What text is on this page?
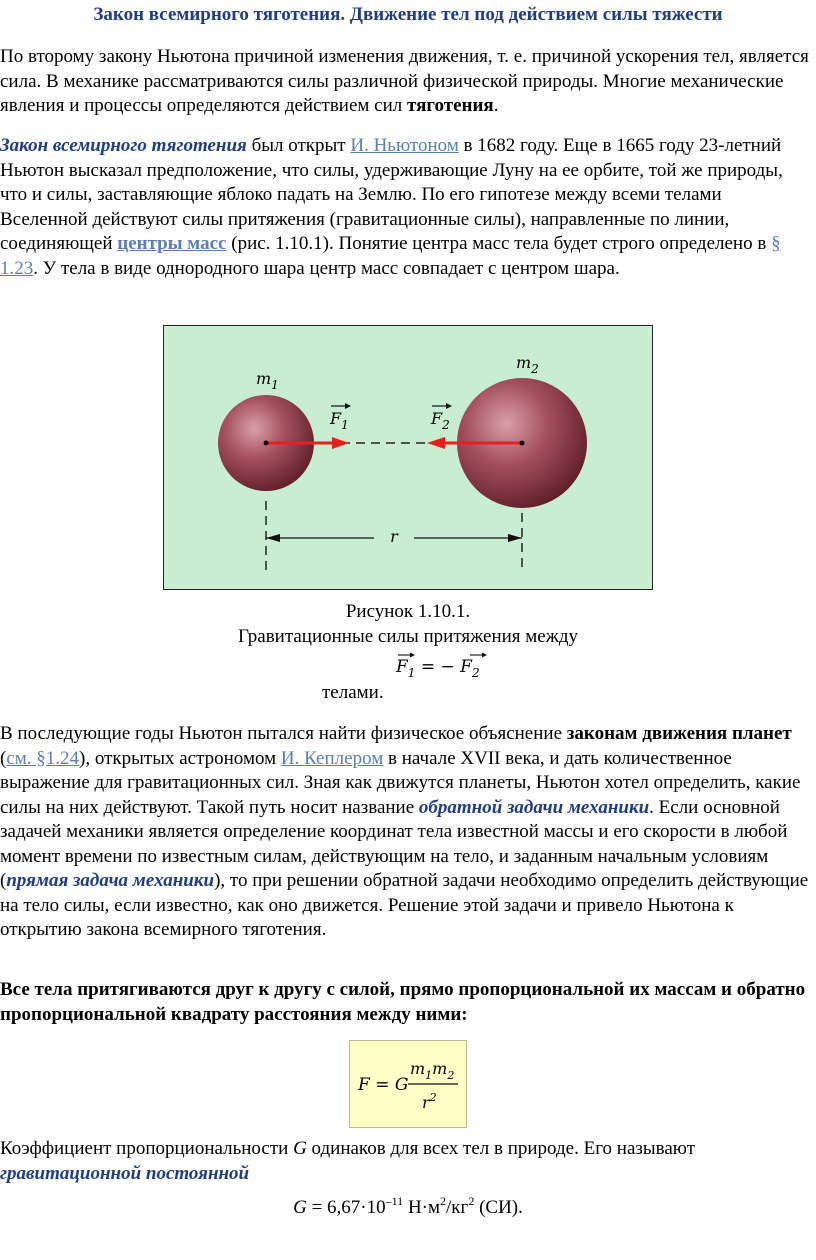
Закон всемирного тяготения. Движение тел под действием силы тяжести

По второму закону Ньютона причиной изменения движения, т. е. причиной ускорения тел, является сила. В механике рассматриваются силы различной физической природы. Многие механические явления и процессы определяются действием сил тяготения.

Закон всемирного тяготения был открыт И. Ньютоном в 1682 году. Еще в 1665 году 23-летний Ньютон высказал предположение, что силы, удерживающие Луну на ее орбите, той же природы, что и силы, заставляющие яблоко падать на Землю. По его гипотезе между всеми телами Вселенной действуют силы притяжения (гравитационные силы), направленные по линии, соединяющей центры масс (рис. 1.10.1). Понятие центра масс тела будет строго определено в § 1.23. У тела в виде однородного шара центр масс совпадает с центром шара.

r
$m_1$
$m_2$
$F_1$	$F_2$
Рисунок 1.10.1.
Гравитационные силы притяжения между
$F_1$ = − $F_2$
телами.

В последующие годы Ньютон пытался найти физическое объяснение законам движения планет (см. §1.24), открытых астрономом И. Кеплером в начале XVII века, и дать количественное выражение для гравитационных сил. Зная как движутся планеты, Ньютон хотел определить, какие силы на них действуют. Такой путь носит название обратной задачи механики. Если основной задачей механики является определение координат тела известной массы и его скорости в любой момент времени по известным силам, действующим на тело, и заданным начальным условиям (прямая задача механики), то при решении обратной задачи необходимо определить действующие на тело силы, если известно, как оно движется. Решение этой задачи и привело Ньютона к открытию закона всемирного тяготения.

Все тела притягиваются друг к другу с силой, прямо пропорциональной их массам и обратно пропорциональной квадрату расстояния между ними:

F = G
$m_1m_2$
$r^2$

Коэффициент пропорциональности G одинаков для всех тел в природе. Его называют гравитационной постоянной

$G = 6,67\cdot 10^{-11}$ $Н\cdot м^2/кг^2$ (СИ).
